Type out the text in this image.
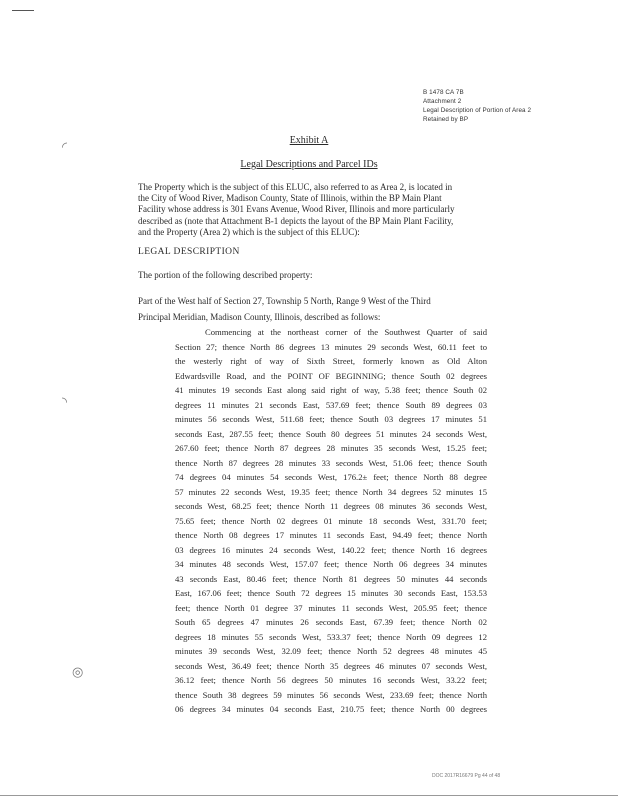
◜
◝
◎
B 1478 CA 7B
Attachment 2
Legal Description of Portion of Area 2
Retained by BP
Exhibit A
Legal Descriptions and Parcel IDs
The Property which is the subject of this ELUC, also referred to as Area 2, is located in
the City of Wood River, Madison County, State of Illinois, within the BP Main Plant
Facility whose address is 301 Evans Avenue, Wood River, Illinois and more particularly
described as (note that Attachment B-1 depicts the layout of the BP Main Plant Facility,
and the Property (Area 2) which is the subject of this ELUC):
LEGAL DESCRIPTION
The portion of the following described property:
Part of the West half of Section 27, Township 5 North, Range 9 West of the Third
Principal Meridian, Madison County, Illinois, described as follows:
Commencing at the northeast corner of the Southwest Quarter of said
Section 27; thence North 86 degrees 13 minutes 29 seconds West, 60.11 feet to
the westerly right of way of Sixth Street, formerly known as Old Alton
Edwardsville Road, and the POINT OF BEGINNING; thence South 02 degrees
41 minutes 19 seconds East along said right of way, 5.38 feet; thence South 02
degrees 11 minutes 21 seconds East, 537.69 feet; thence South 89 degrees 03
minutes 56 seconds West, 511.68 feet; thence South 03 degrees 17 minutes 51
seconds East, 287.55 feet; thence South 80 degrees 51 minutes 24 seconds West,
267.60 feet; thence North 87 degrees 28 minutes 35 seconds West, 15.25 feet;
thence North 87 degrees 28 minutes 33 seconds West, 51.06 feet; thence South
74 degrees 04 minutes 54 seconds West, 176.2± feet; thence North 88 degree
57 minutes 22 seconds West, 19.35 feet; thence North 34 degrees 52 minutes 15
seconds West, 68.25 feet; thence North 11 degrees 08 minutes 36 seconds West,
75.65 feet; thence North 02 degrees 01 minute 18 seconds West, 331.70 feet;
thence North 08 degrees 17 minutes 11 seconds East, 94.49 feet; thence North
03 degrees 16 minutes 24 seconds West, 140.22 feet; thence North 16 degrees
34 minutes 48 seconds West, 157.07 feet; thence North 06 degrees 34 minutes
43 seconds East, 80.46 feet; thence North 81 degrees 50 minutes 44 seconds
East, 167.06 feet; thence South 72 degrees 15 minutes 30 seconds East, 153.53
feet; thence North 01 degree 37 minutes 11 seconds West, 205.95 feet; thence
South 65 degrees 47 minutes 26 seconds East, 67.39 feet; thence North 02
degrees 18 minutes 55 seconds West, 533.37 feet; thence North 09 degrees 12
minutes 39 seconds West, 32.09 feet; thence North 52 degrees 48 minutes 45
seconds West, 36.49 feet; thence North 35 degrees 46 minutes 07 seconds West,
36.12 feet; thence North 56 degrees 50 minutes 16 seconds West, 33.22 feet;
thence South 38 degrees 59 minutes 56 seconds West, 233.69 feet; thence North
06 degrees 34 minutes 04 seconds East, 210.75 feet; thence North 00 degrees
DOC 2017R16679 Pg 44 of 48
